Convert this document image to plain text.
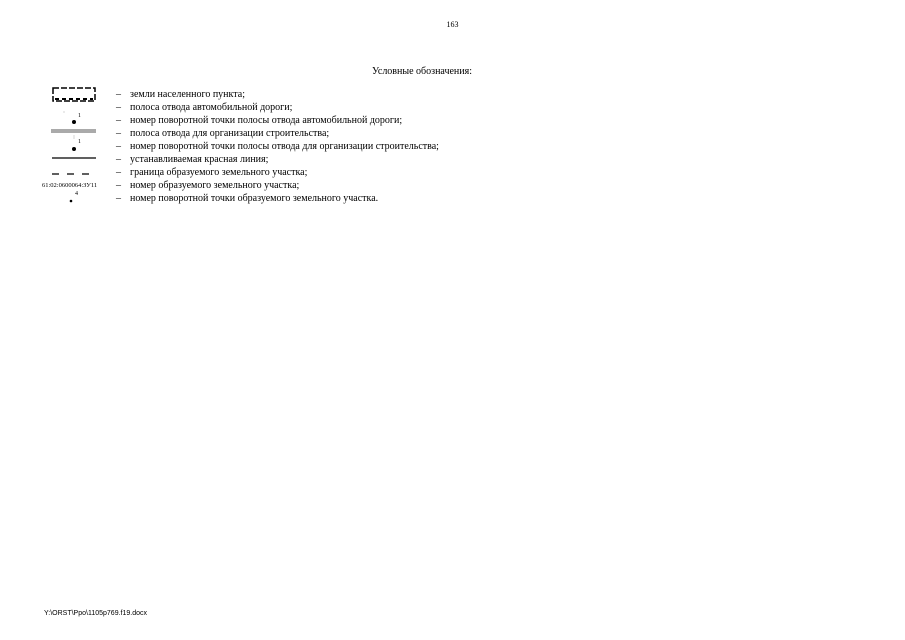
163
Условные обозначения:
– земли населенного пункта;
– полоса отвода автомобильной дороги;
1	– номер поворотной точки полосы отвода автомобильной дороги;
– полоса отвода для организации строительства;
1	– номер поворотной точки полосы отвода для организации строительства;
– устанавливаемая красная линия;
– граница образуемого земельного участка;
61:02:0600064:ЗУ11 – номер образуемого земельного участка;
4	– номер поворотной точки образуемого земельного участка.
Y:\ORST\Ppo\1105p769.f19.docx
